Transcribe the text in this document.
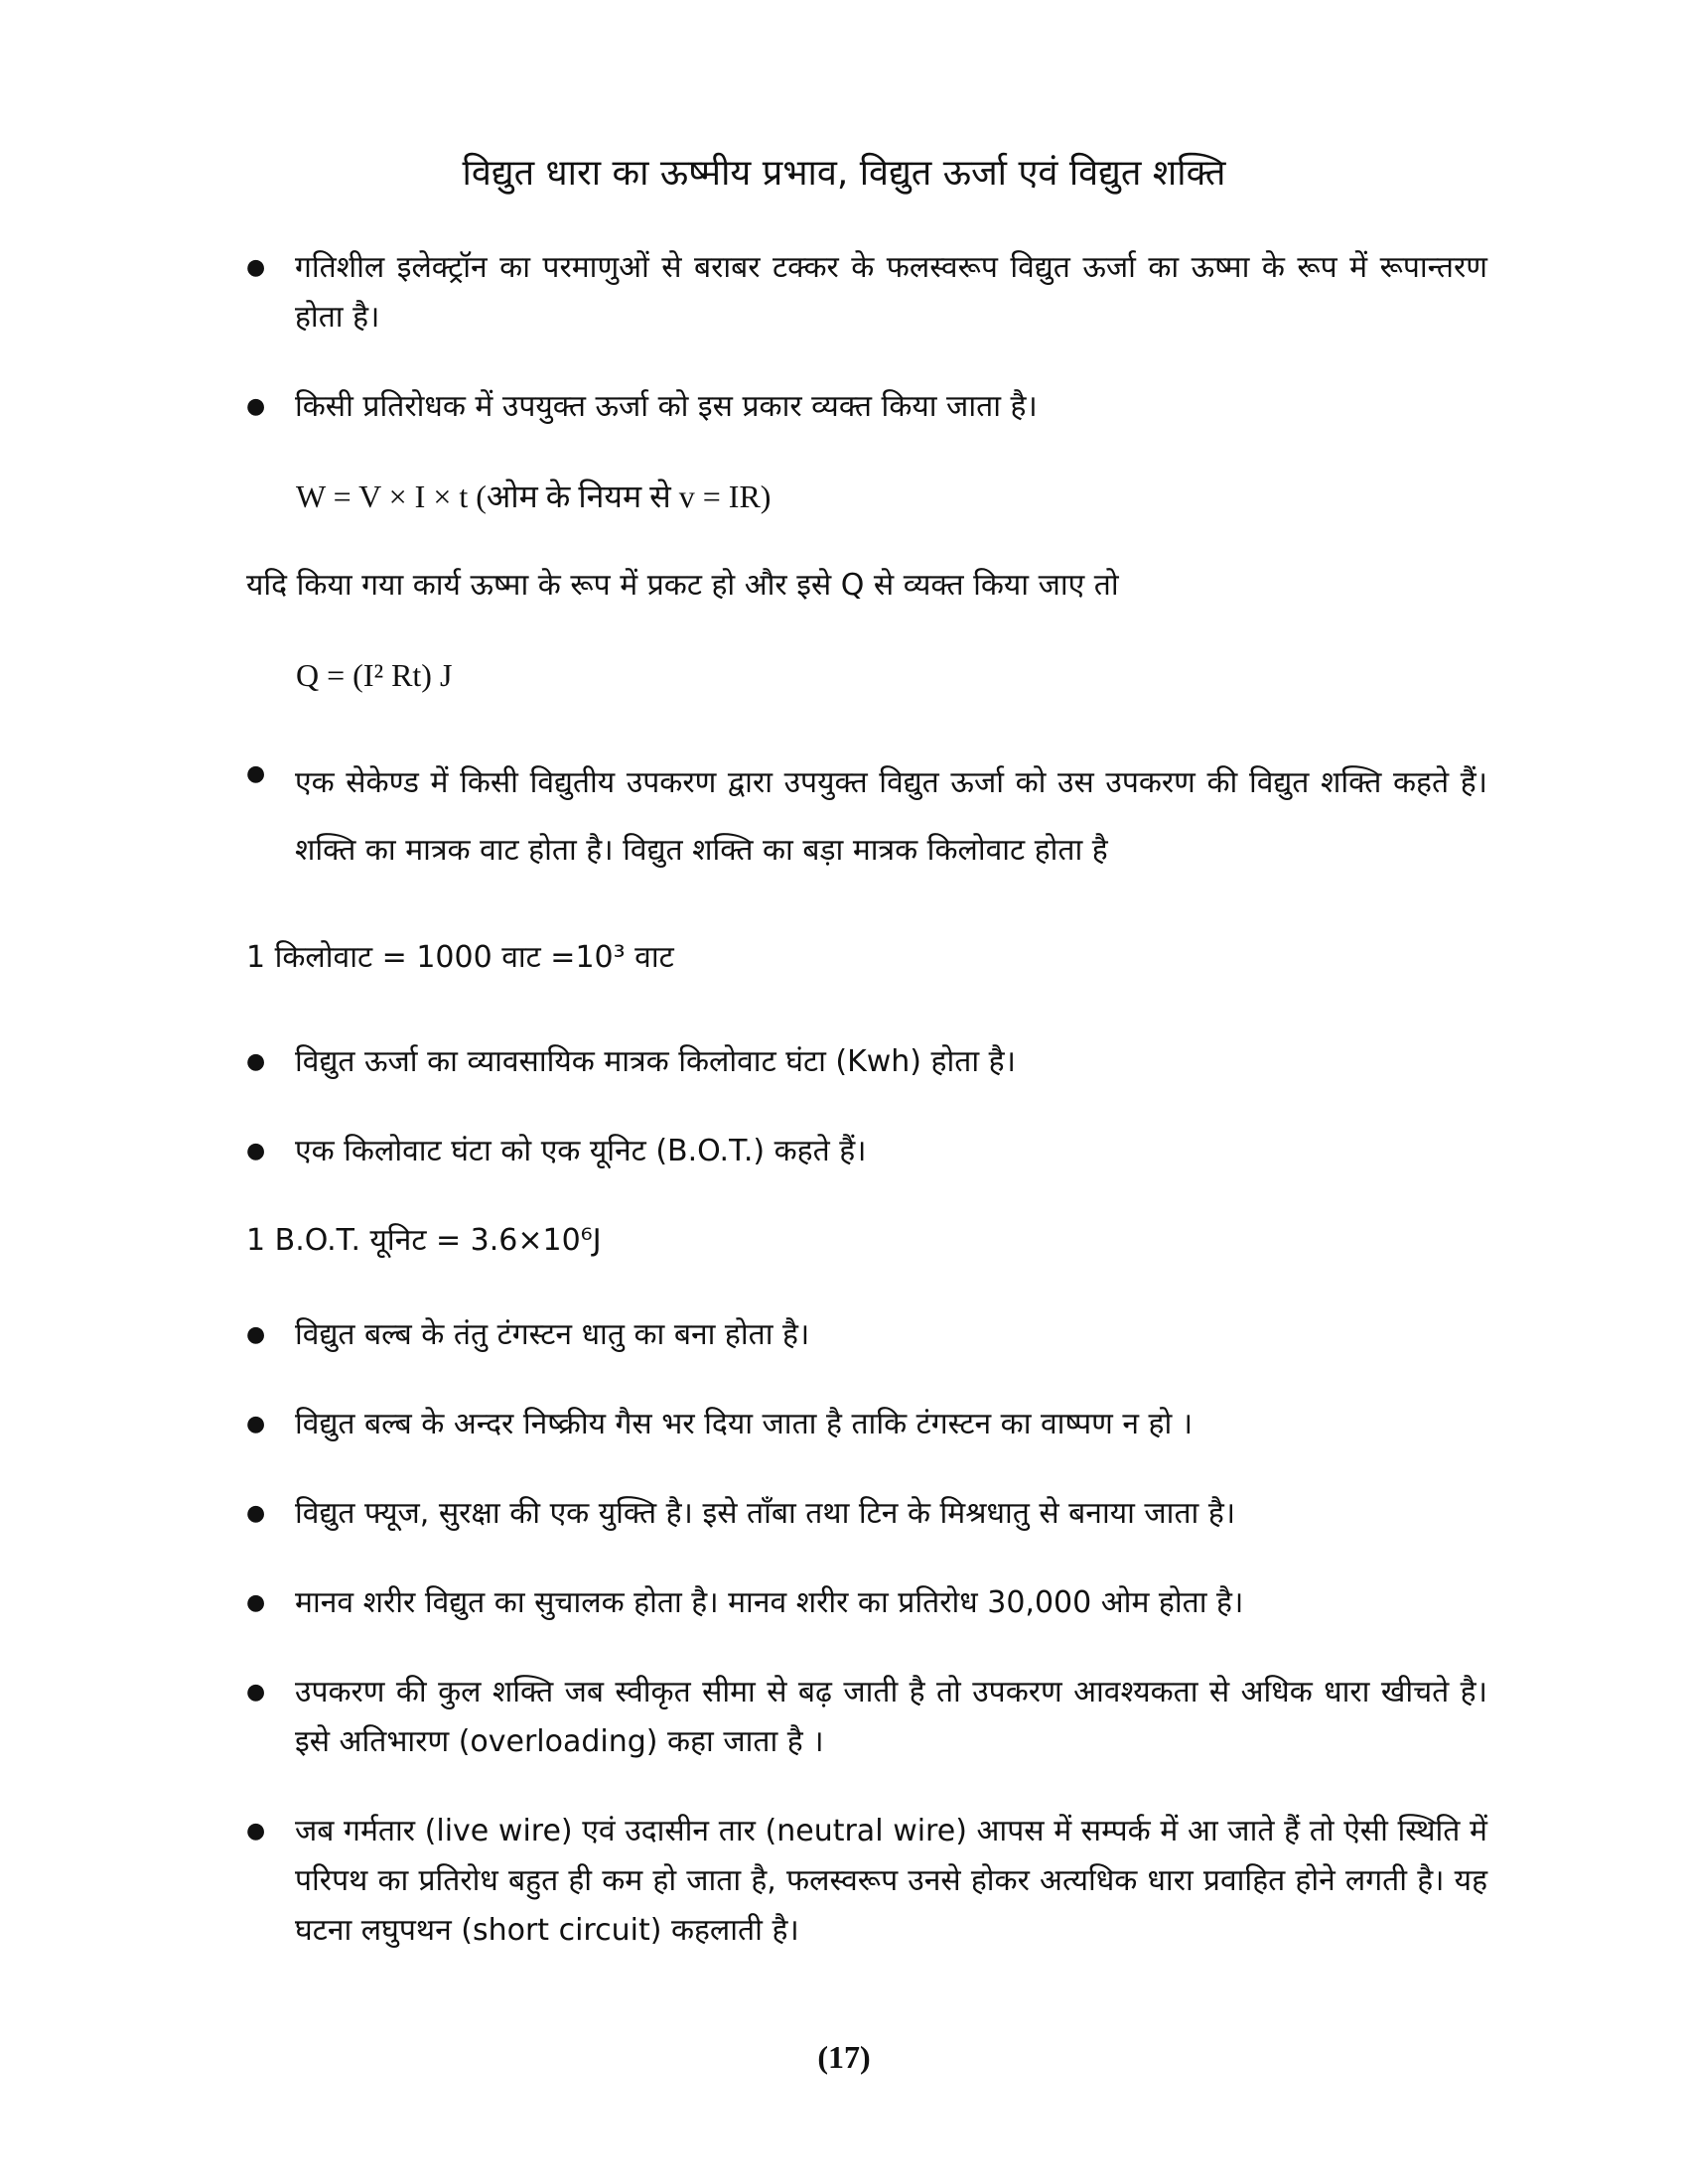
विद्युत धारा का ऊष्मीय प्रभाव, विद्युत ऊर्जा एवं विद्युत शक्ति

● गतिशील इलेक्ट्रॉन का परमाणुओं से बराबर टक्कर के फलस्वरूप विद्युत ऊर्जा का ऊष्मा के रूप में रूपान्तरण होता है।

● किसी प्रतिरोधक में उपयुक्त ऊर्जा को इस प्रकार व्यक्त किया जाता है।

W = V × I × t (ओम के नियम से v = IR)

यदि किया गया कार्य ऊष्मा के रूप में प्रकट हो और इसे Q से व्यक्त किया जाए तो

Q = (I² Rt) J

● एक सेकेण्ड में किसी विद्युतीय उपकरण द्वारा उपयुक्त विद्युत ऊर्जा को उस उपकरण की विद्युत शक्ति कहते हैं। शक्ति का मात्रक वाट होता है। विद्युत शक्ति का बड़ा मात्रक किलोवाट होता है

1 किलोवाट = 1000 वाट =10³ वाट

● विद्युत ऊर्जा का व्यावसायिक मात्रक किलोवाट घंटा (Kwh) होता है।

● एक किलोवाट घंटा को एक यूनिट (B.O.T.) कहते हैं।

1 B.O.T. यूनिट = 3.6×10⁶J

● विद्युत बल्ब के तंतु टंगस्टन धातु का बना होता है।

● विद्युत बल्ब के अन्दर निष्क्रीय गैस भर दिया जाता है ताकि टंगस्टन का वाष्पण न हो ।

● विद्युत फ्यूज, सुरक्षा की एक युक्ति है। इसे ताँबा तथा टिन के मिश्रधातु से बनाया जाता है।

● मानव शरीर विद्युत का सुचालक होता है। मानव शरीर का प्रतिरोध 30,000 ओम होता है।

● उपकरण की कुल शक्ति जब स्वीकृत सीमा से बढ़ जाती है तो उपकरण आवश्यकता से अधिक धारा खीचते है। इसे अतिभारण (overloading) कहा जाता है ।

● जब गर्मतार (live wire) एवं उदासीन तार (neutral wire) आपस में सम्पर्क में आ जाते हैं तो ऐसी स्थिति में परिपथ का प्रतिरोध बहुत ही कम हो जाता है, फलस्वरूप उनसे होकर अत्यधिक धारा प्रवाहित होने लगती है। यह घटना लघुपथन (short circuit) कहलाती है।

(17)
